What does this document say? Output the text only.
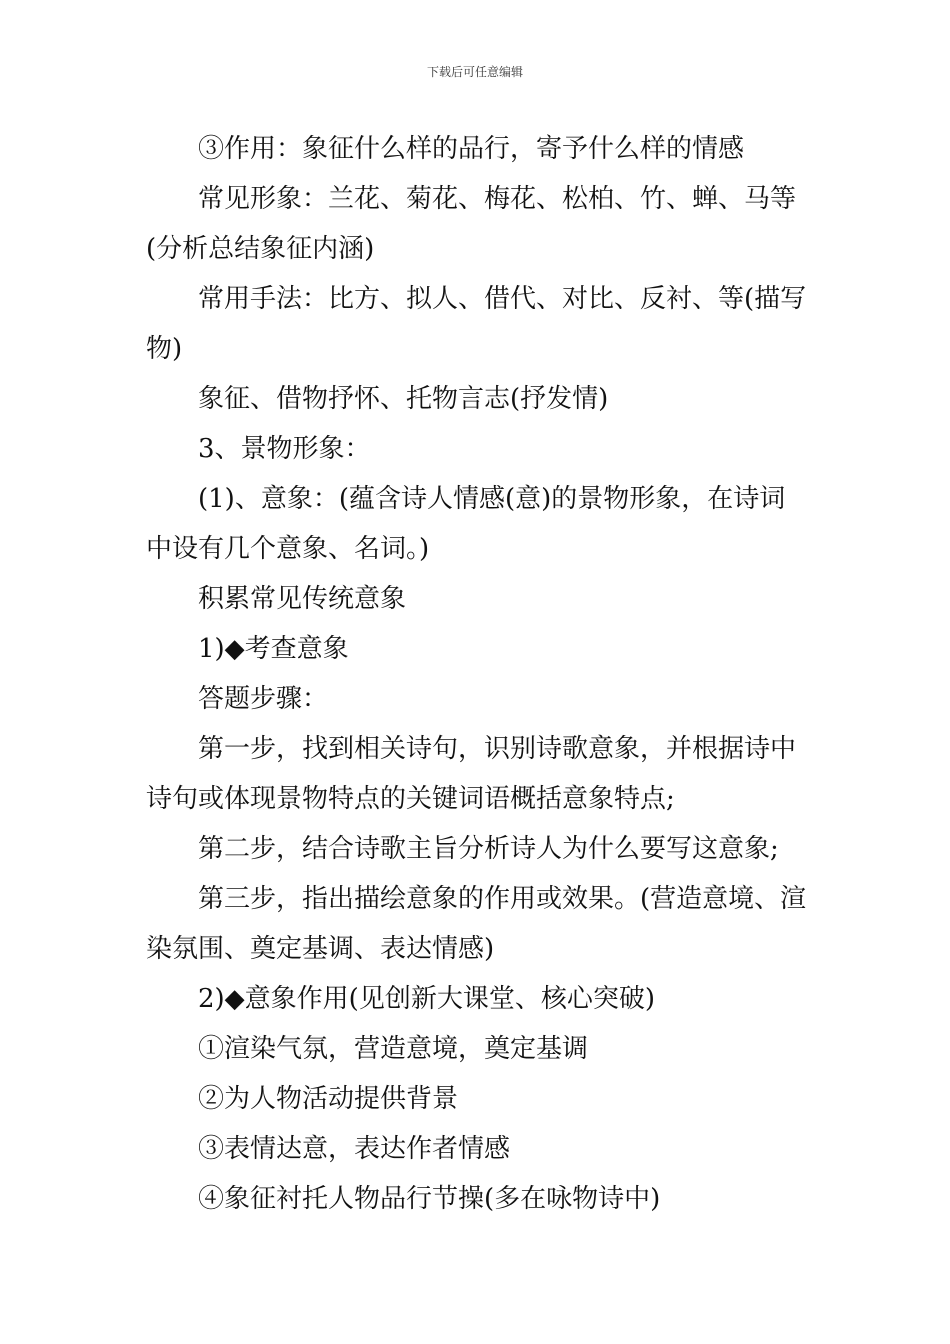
下载后可任意编辑

③作用：象征什么样的品行，寄予什么样的情感

常见形象：兰花、菊花、梅花、松柏、竹、蝉、马等(分析总结象征内涵)

常用手法：比方、拟人、借代、对比、反衬、等(描写物)

象征、借物抒怀、托物言志(抒发情)

3、景物形象：

(1)、意象：(蕴含诗人情感(意)的景物形象，在诗词中设有几个意象、名词。)

积累常见传统意象

1)◆考查意象

答题步骤：

第一步，找到相关诗句，识别诗歌意象，并根据诗中诗句或体现景物特点的关键词语概括意象特点;

第二步，结合诗歌主旨分析诗人为什么要写这意象;

第三步，指出描绘意象的作用或效果。(营造意境、渲染氛围、奠定基调、表达情感)

2)◆意象作用(见创新大课堂、核心突破)

①渲染气氛，营造意境，奠定基调

②为人物活动提供背景

③表情达意，表达作者情感

④象征衬托人物品行节操(多在咏物诗中)
